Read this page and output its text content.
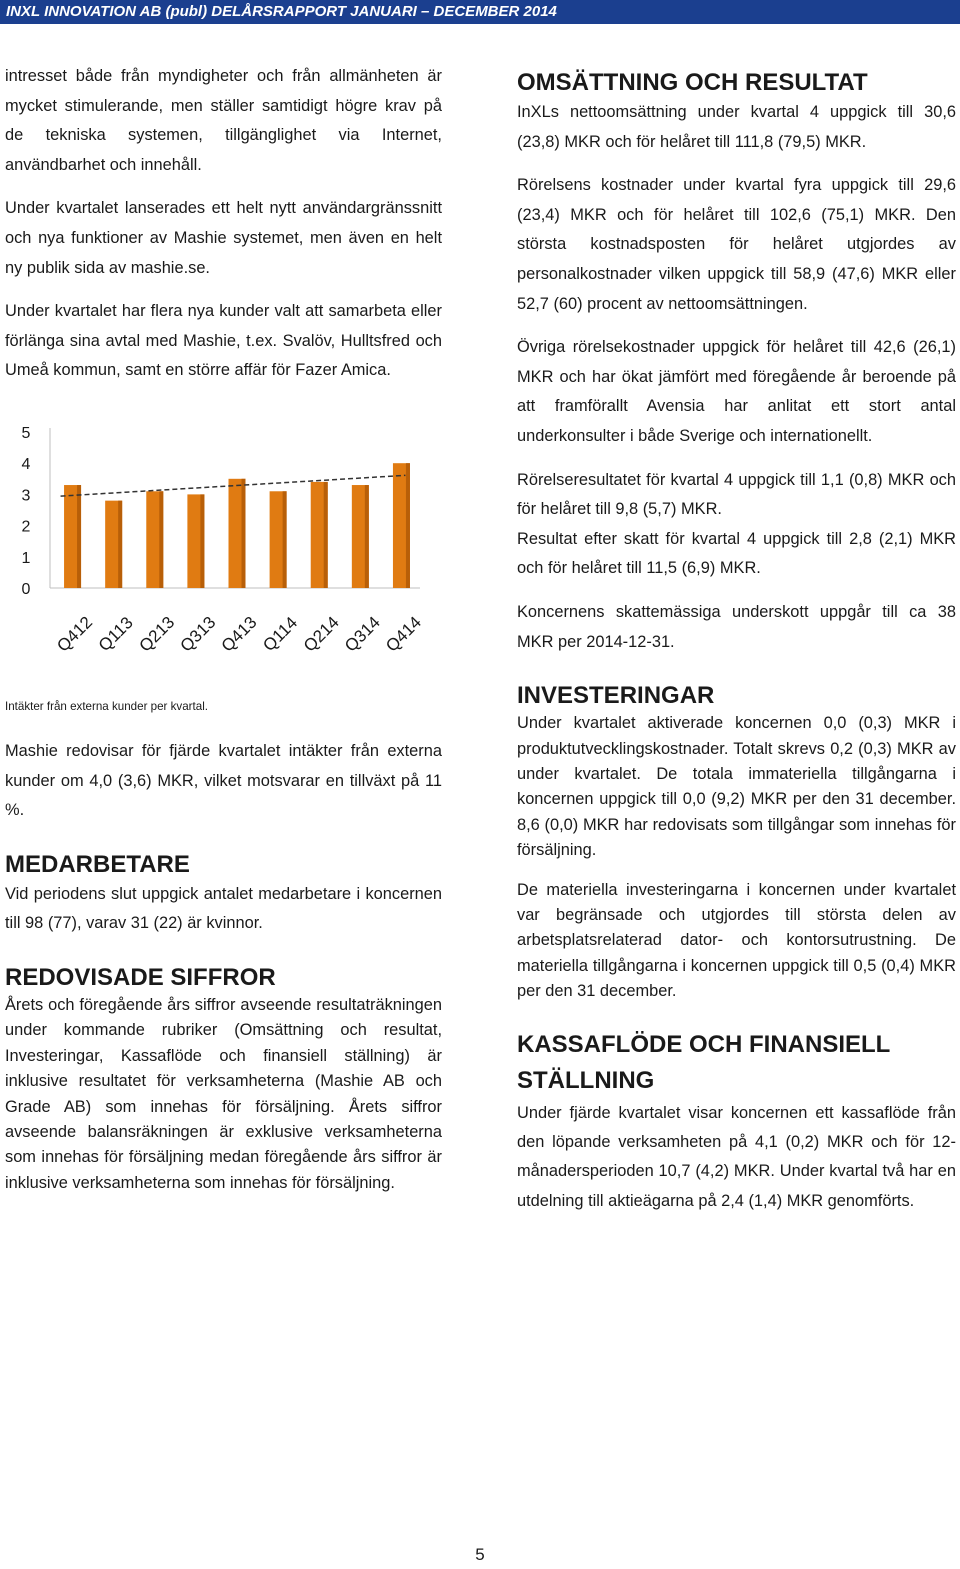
INXL INNOVATION AB (publ) DELÅRSRAPPORT JANUARI – DECEMBER 2014

intresset både från myndigheter och från allmänheten är mycket stimulerande, men ställer samtidigt högre krav på de tekniska systemen, tillgänglighet via Internet, användbarhet och innehåll.

Under kvartalet lanserades ett helt nytt användargränssnitt och nya funktioner av Mashie systemet, men även en helt ny publik sida av mashie.se.

Under kvartalet har flera nya kunder valt att samarbeta eller förlänga sina avtal med Mashie, t.ex. Svalöv, Hulltsfred och Umeå kommun, samt en större affär för Fazer Amica.

0
1
2
3
4
5
Q412
Q113
Q213
Q313
Q413
Q114
Q214
Q314
Q414
Intäkter från externa kunder per kvartal.

Mashie redovisar för fjärde kvartalet intäkter från externa kunder om 4,0 (3,6) MKR, vilket motsvarar en tillväxt på 11 %.

MEDARBETARE

Vid periodens slut uppgick antalet medarbetare i koncernen till 98 (77), varav 31 (22) är kvinnor.

REDOVISADE SIFFROR

Årets och föregående års siffror avseende resultaträkningen under kommande rubriker (Omsättning och resultat, Investeringar, Kassaflöde och finansiell ställning) är inklusive resultatet för verksamheterna (Mashie AB och Grade AB) som innehas för försäljning. Årets siffror avseende balansräkningen är exklusive verksamheterna som innehas för försäljning medan föregående års siffror är inklusive verksamheterna som innehas för försäljning.

OMSÄTTNING OCH RESULTAT

InXLs nettoomsättning under kvartal 4 uppgick till 30,6 (23,8) MKR och för helåret till 111,8 (79,5) MKR.

Rörelsens kostnader under kvartal fyra uppgick till 29,6 (23,4) MKR och för helåret till 102,6 (75,1) MKR. Den största kostnadsposten för helåret utgjordes av personalkostnader vilken uppgick till 58,9 (47,6) MKR eller 52,7 (60) procent av nettoomsättningen.

Övriga rörelsekostnader uppgick för helåret till 42,6 (26,1) MKR och har ökat jämfört med föregående år beroende på att framförallt Avensia har anlitat ett stort antal underkonsulter i både Sverige och internationellt.

Rörelseresultatet för kvartal 4 uppgick till 1,1 (0,8) MKR och för helåret till 9,8 (5,7) MKR.

Resultat efter skatt för kvartal 4 uppgick till 2,8 (2,1) MKR och för helåret till 11,5 (6,9) MKR.

Koncernens skattemässiga underskott uppgår till ca 38 MKR per 2014-12-31.

INVESTERINGAR

Under kvartalet aktiverade koncernen 0,0 (0,3) MKR i produktutvecklingskostnader. Totalt skrevs 0,2 (0,3) MKR av under kvartalet. De totala immateriella tillgångarna i koncernen uppgick till 0,0 (9,2) MKR per den 31 december. 8,6 (0,0) MKR har redovisats som tillgångar som innehas för försäljning.

De materiella investeringarna i koncernen under kvartalet var begränsade och utgjordes till största delen av arbetsplatsrelaterad dator- och kontorsutrustning. De materiella tillgångarna i koncernen uppgick till 0,5 (0,4) MKR per den 31 december.

KASSAFLÖDE OCH FINANSIELL STÄLLNING

Under fjärde kvartalet visar koncernen ett kassaflöde från den löpande verksamheten på 4,1 (0,2) MKR och för 12-månadersperioden 10,7 (4,2) MKR. Under kvartal två har en utdelning till aktieägarna på 2,4 (1,4) MKR genomförts.

5
